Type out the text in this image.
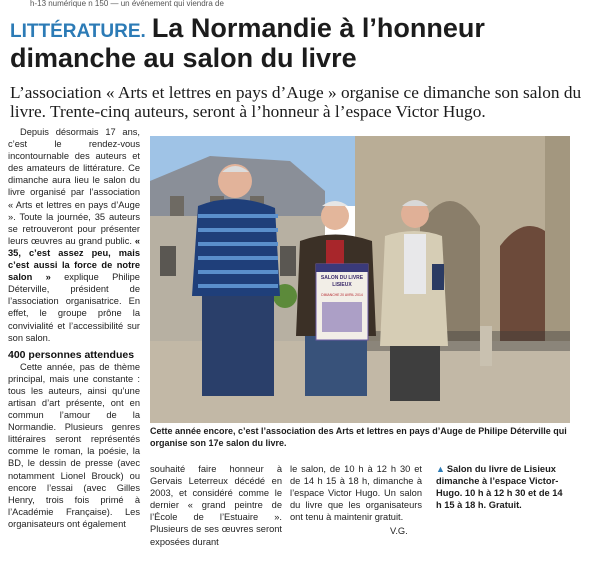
h-13 numérique n 150 — un événement qui viendra de
LITTÉRATURE. La Normandie à l’honneur dimanche au salon du livre
L’association « Arts et lettres en pays d’Auge » organise ce dimanche son salon du livre. Trente-cinq auteurs, seront à l’honneur à l’espace Victor Hugo.

Depuis désormais 17 ans, c’est le rendez-vous incontournable des auteurs et des amateurs de littérature. Ce dimanche aura lieu le salon du livre organisé par l’association « Arts et lettres en pays d’Auge ». Toute la journée, 35 auteurs se retrouveront pour présenter leurs œuvres au grand public. « 35, c’est assez peu, mais c’est aussi la force de notre salon » explique Philipe Déterville, président de l’association organisatrice. En effet, le groupe prône la convivialité et l’accessibilité sur son salon.

400 personnes attendues

Cette année, pas de thème principal, mais une constante : tous les auteurs, ainsi qu’une artisan d’art présente, ont en commun l’amour de la Normandie. Plusieurs genres littéraires seront représentés comme le roman, la poésie, la BD, le dessin de presse (avec notamment Lionel Brouck) ou encore l’essai (avec Gilles Henry, trois fois primé à l’Académie Française). Les organisateurs ont également

SALON DU LIVRE
LISIEUX
DIMANCHE 20 AVRIL 2014
Cette année encore, c’est l’association des Arts et lettres en pays d’Auge de Philipe Déterville qui organise son 17e salon du livre.
souhaité faire honneur à Gervais Leterreux décédé en 2003, et considéré comme le dernier « grand peintre de l’École de l’Estuaire ». Plusieurs de ses œuvres seront exposées durant
le salon, de 10 h à 12 h 30 et de 14 h 15 à 18 h, dimanche à l’espace Victor Hugo. Un salon du livre que les organisateurs ont tenu à maintenir gratuit.
V.G.
▲ Salon du livre de Lisieux dimanche à l’espace Victor-Hugo. 10 h à 12 h 30 et de 14 h 15 à 18 h. Gratuit.
